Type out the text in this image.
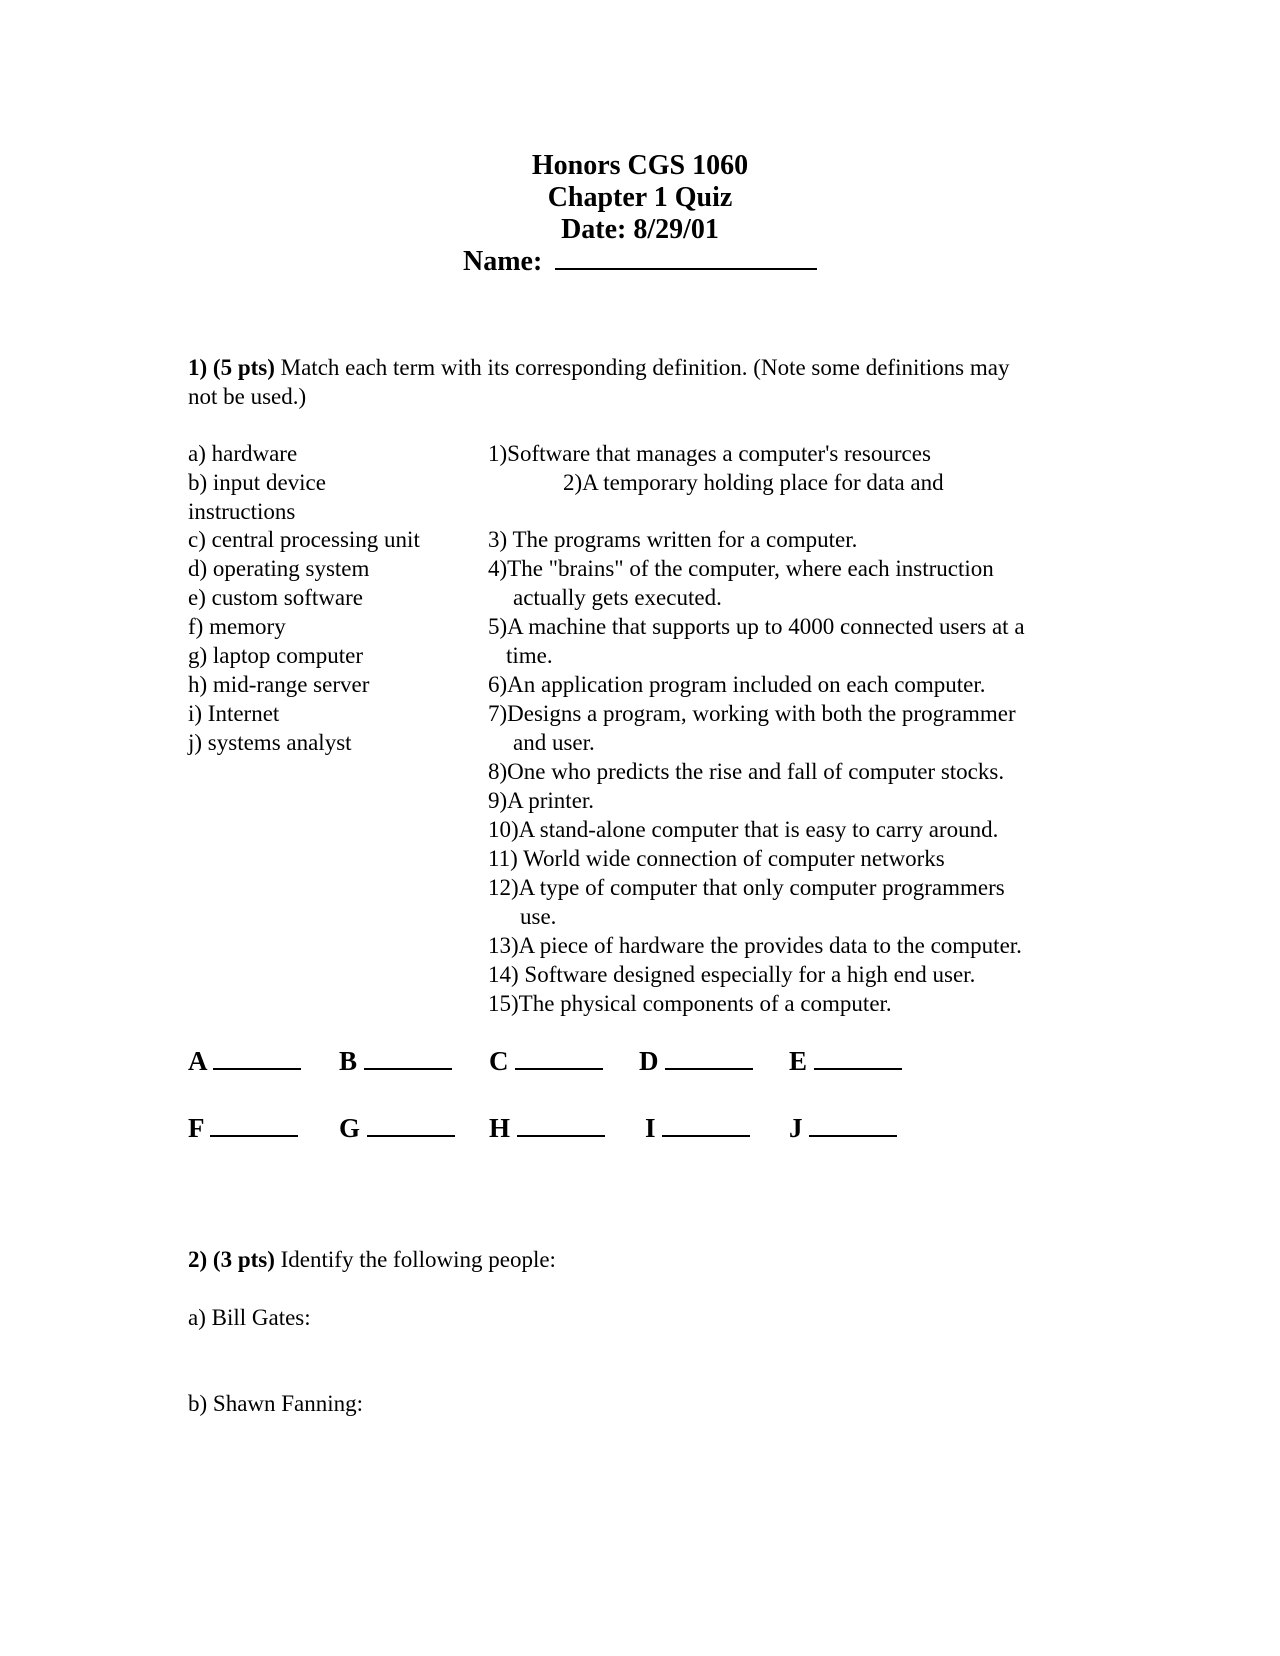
Honors CGS 1060
Chapter 1 Quiz
Date: 8/29/01
Name:
1) (5 pts) Match each term with its corresponding definition. (Note some definitions may
not be used.)
a) hardware
b) input device
instructions
c) central processing unit
d) operating system
e) custom software
f) memory
g) laptop computer
h) mid-range server
i) Internet
j) systems analyst
1)Software that manages a computer's resources
2)A temporary holding place for data and
3) The programs written for a computer.
4)The "brains" of the computer, where each instruction
actually gets executed.
5)A machine that supports up to 4000 connected users at a
time.
6)An application program included on each computer.
7)Designs a program, working with both the programmer
and user.
8)One who predicts the rise and fall of computer stocks.
9)A printer.
10)A stand-alone computer that is easy to carry around.
11) World wide connection of computer networks
12)A type of computer that only computer programmers
use.
13)A piece of hardware the provides data to the computer.
14) Software designed especially for a high end user.
15)The physical components of a computer.
A	B	C	D	E
F	G	H	I	J
2) (3 pts) Identify the following people:
a) Bill Gates:
b) Shawn Fanning:
